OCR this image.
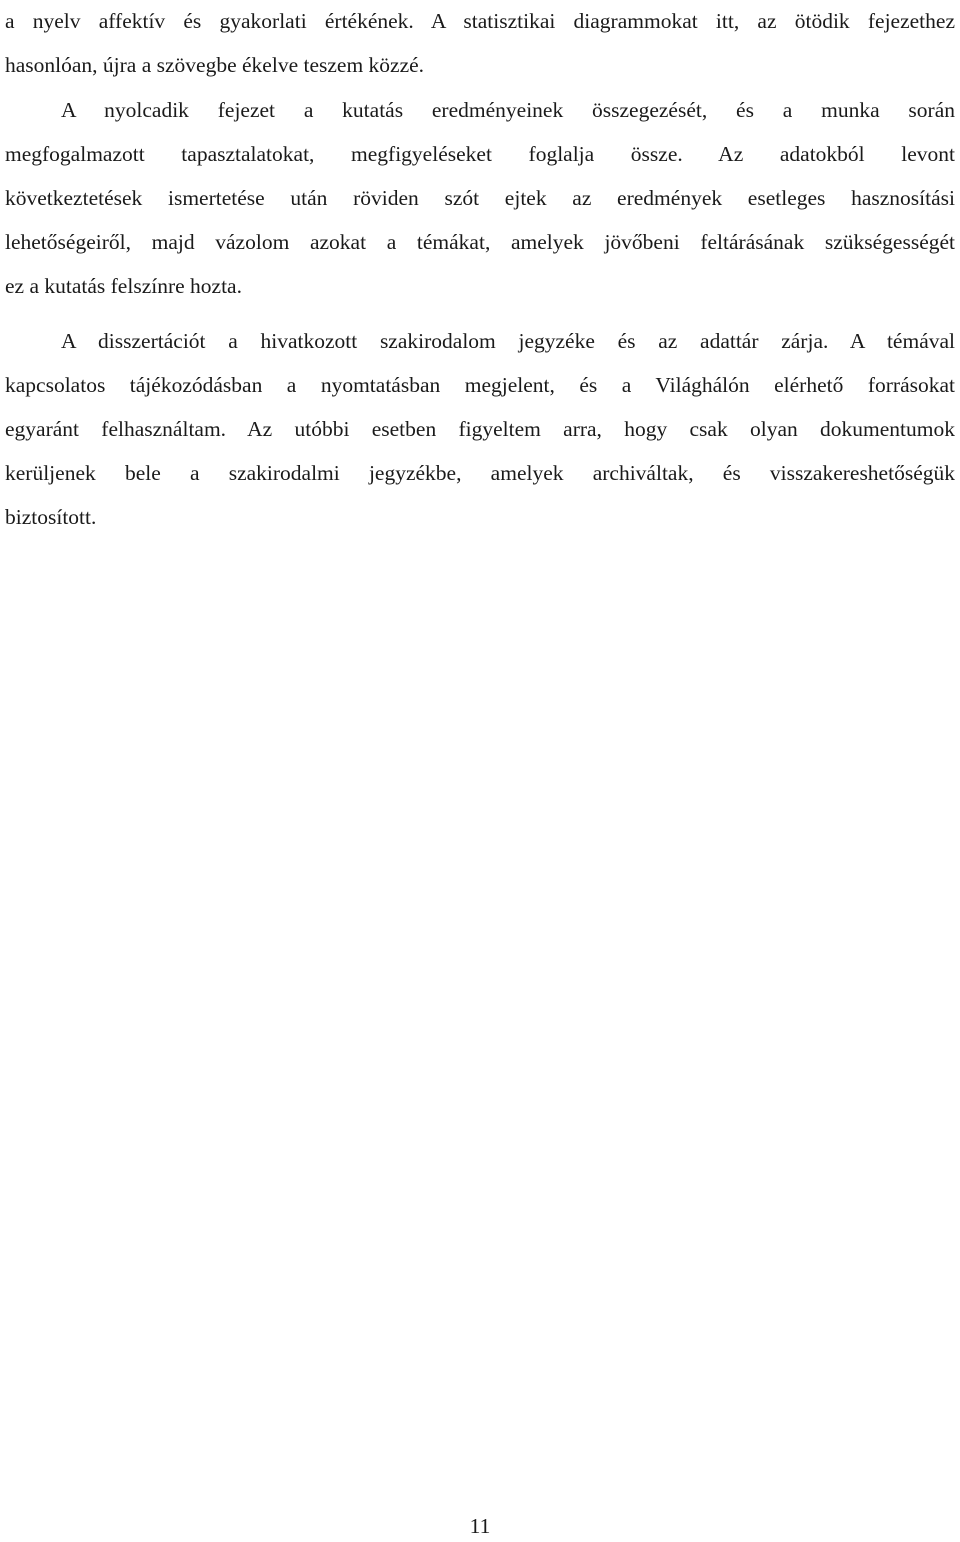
a nyelv affektív és gyakorlati értékének. A statisztikai diagrammokat itt, az ötödik fejezethez
hasonlóan, újra a szövegbe ékelve teszem közzé.

A nyolcadik fejezet a kutatás eredményeinek összegezését, és a munka során
megfogalmazott tapasztalatokat, megfigyeléseket foglalja össze. Az adatokból levont
következtetések ismertetése után röviden szót ejtek az eredmények esetleges hasznosítási
lehetőségeiről, majd vázolom azokat a témákat, amelyek jövőbeni feltárásának szükségességét
ez a kutatás felszínre hozta.

A disszertációt a hivatkozott szakirodalom jegyzéke és az adattár zárja. A témával
kapcsolatos tájékozódásban a nyomtatásban megjelent, és a Világhálón elérhető forrásokat
egyaránt felhasználtam. Az utóbbi esetben figyeltem arra, hogy csak olyan dokumentumok
kerüljenek bele a szakirodalmi jegyzékbe, amelyek archiváltak, és visszakereshetőségük
biztosított.

11
